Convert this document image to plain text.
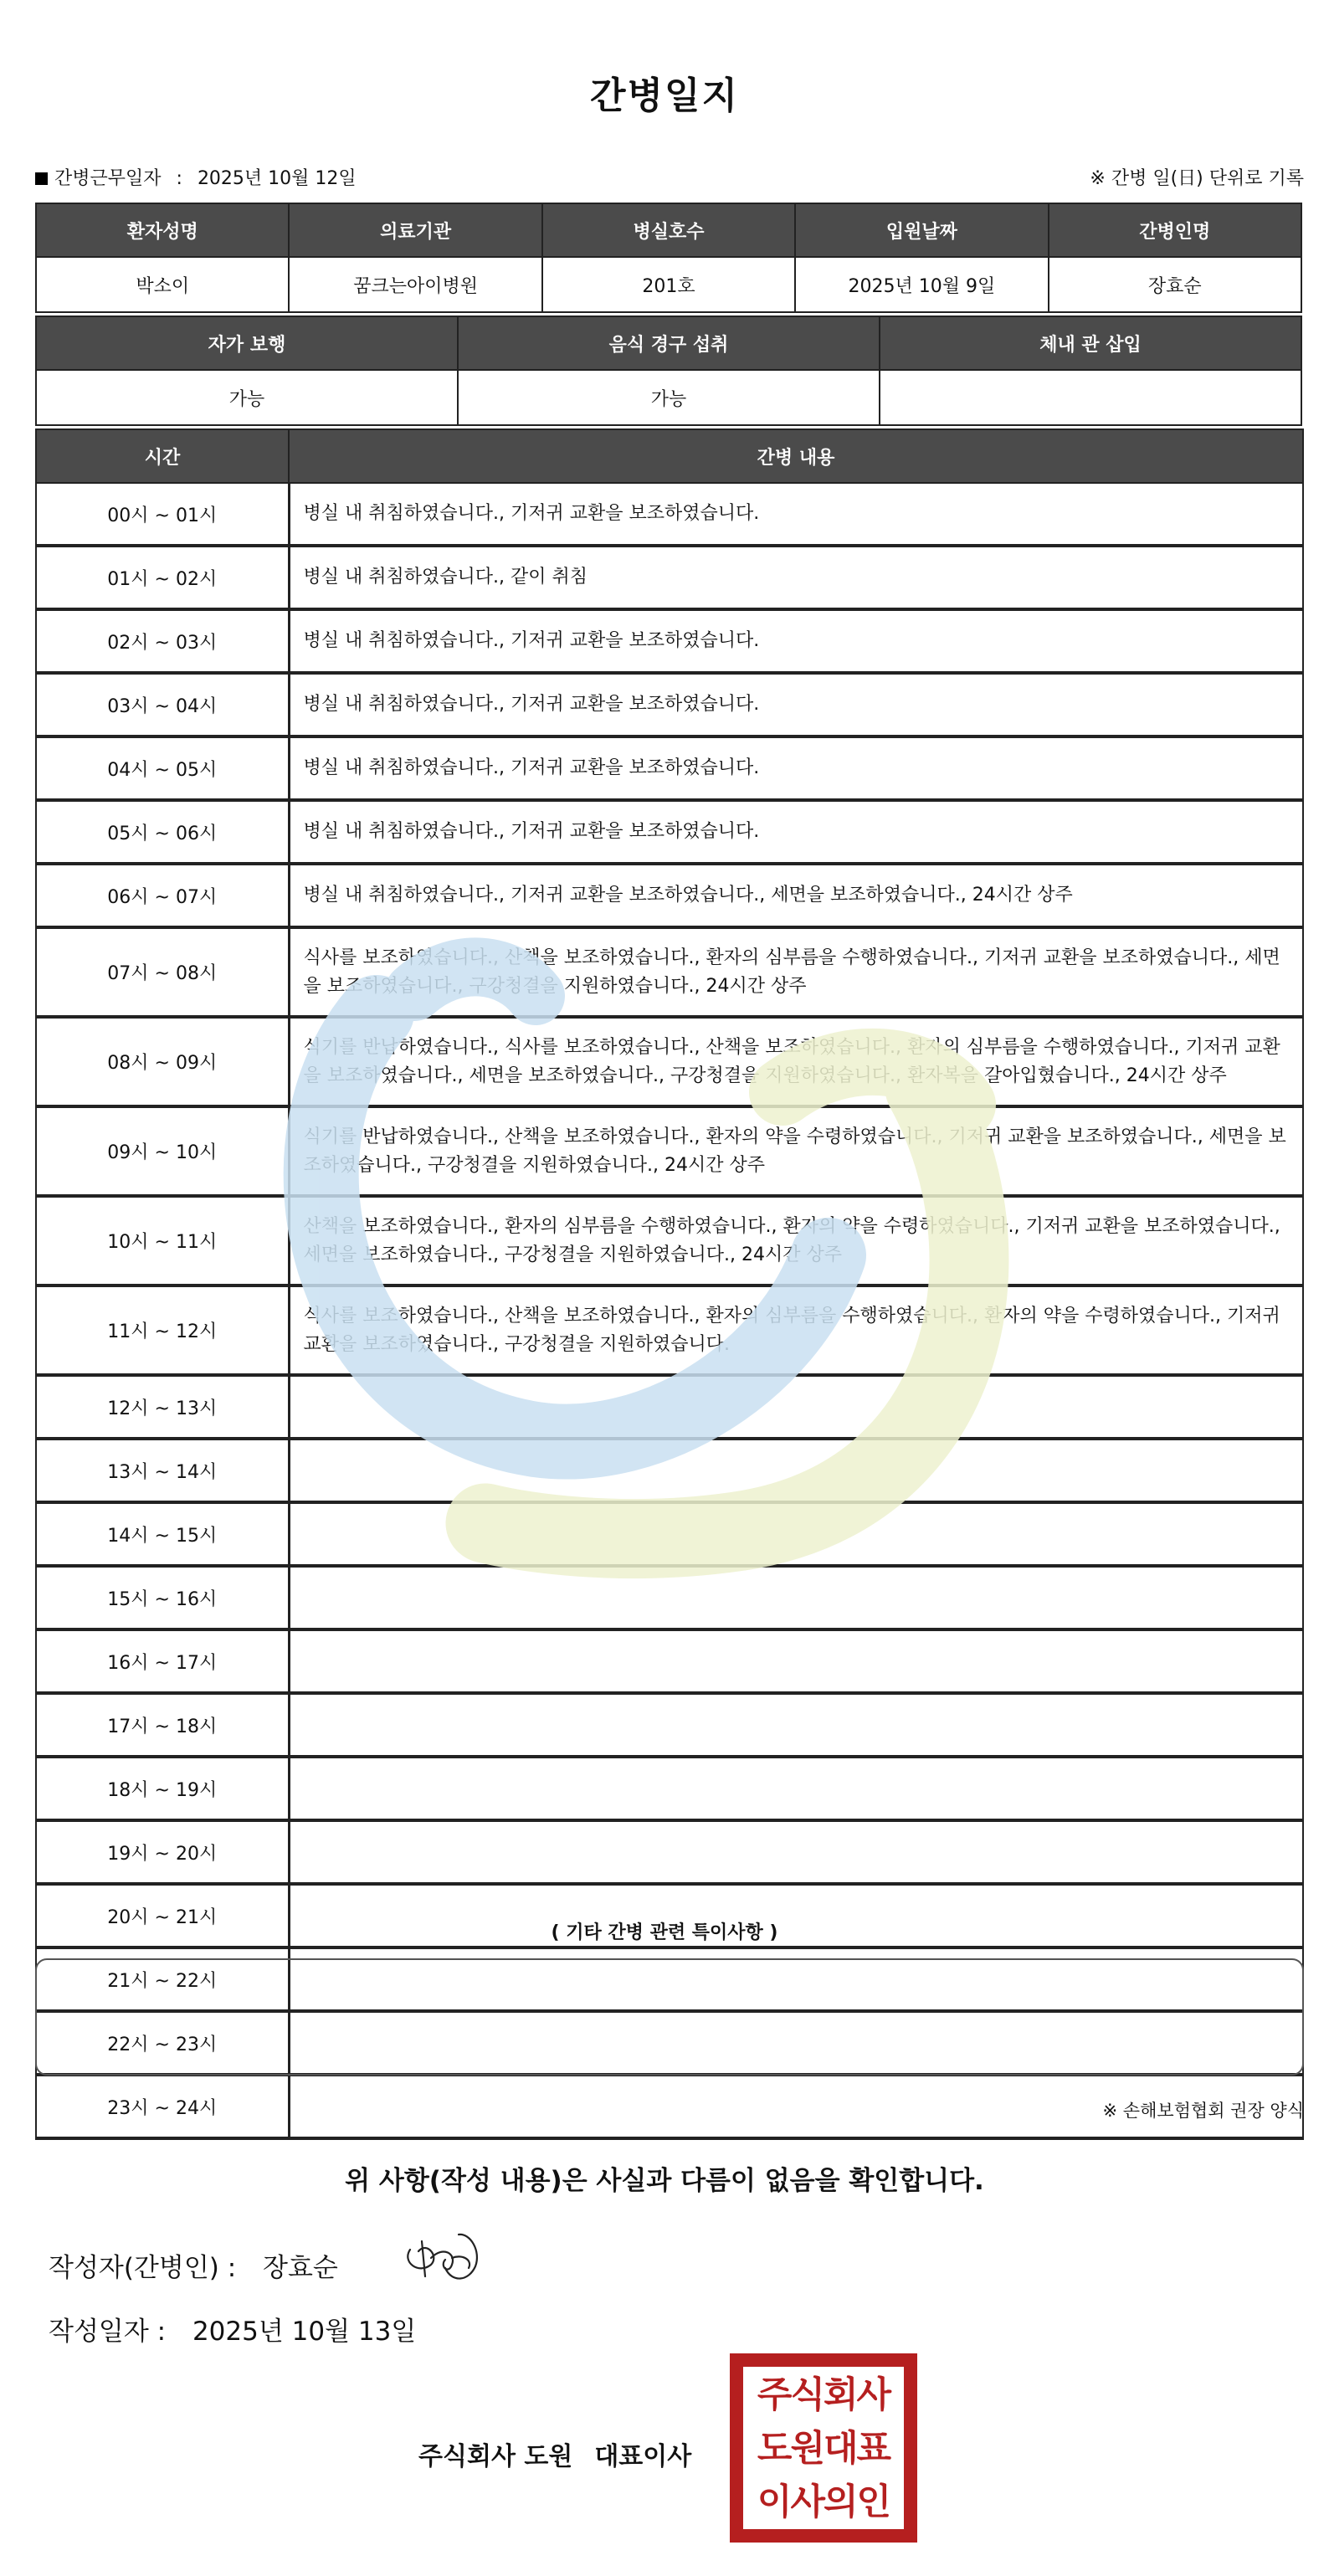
간병일지
간병근무일자 : 2025년 10월 12일	※ 간병 일(日) 단위로 기록
환자성명	의료기관	병실호수	입원날짜	간병인명
박소이	꿈크는아이병원	201호	2025년 10월 9일	장효순
자가 보행	음식 경구 섭취	체내 관 삽입
가능	가능	
시간	간병 내용
00시 ~ 01시	병실 내 취침하였습니다., 기저귀 교환을 보조하였습니다.
01시 ~ 02시	병실 내 취침하였습니다., 같이 취침
02시 ~ 03시	병실 내 취침하였습니다., 기저귀 교환을 보조하였습니다.
03시 ~ 04시	병실 내 취침하였습니다., 기저귀 교환을 보조하였습니다.
04시 ~ 05시	병실 내 취침하였습니다., 기저귀 교환을 보조하였습니다.
05시 ~ 06시	병실 내 취침하였습니다., 기저귀 교환을 보조하였습니다.
06시 ~ 07시	병실 내 취침하였습니다., 기저귀 교환을 보조하였습니다., 세면을 보조하였습니다., 24시간 상주
07시 ~ 08시	식사를 보조하였습니다., 산책을 보조하였습니다., 환자의 심부름을 수행하였습니다., 기저귀 교환을 보조하였습니다., 세면을 보조하였습니다., 구강청결을 지원하였습니다., 24시간 상주
08시 ~ 09시	식기를 반납하였습니다., 식사를 보조하였습니다., 산책을 보조하였습니다., 환자의 심부름을 수행하였습니다., 기저귀 교환을 보조하였습니다., 세면을 보조하였습니다., 구강청결을 지원하였습니다., 환자복을 갈아입혔습니다., 24시간 상주
09시 ~ 10시	식기를 반납하였습니다., 산책을 보조하였습니다., 환자의 약을 수령하였습니다., 기저귀 교환을 보조하였습니다., 세면을 보조하였습니다., 구강청결을 지원하였습니다., 24시간 상주
10시 ~ 11시	산책을 보조하였습니다., 환자의 심부름을 수행하였습니다., 환자의 약을 수령하였습니다., 기저귀 교환을 보조하였습니다., 세면을 보조하였습니다., 구강청결을 지원하였습니다., 24시간 상주
11시 ~ 12시	식사를 보조하였습니다., 산책을 보조하였습니다., 환자의 심부름을 수행하였습니다., 환자의 약을 수령하였습니다., 기저귀 교환을 보조하였습니다., 구강청결을 지원하였습니다.
12시 ~ 13시	
13시 ~ 14시	
14시 ~ 15시	
15시 ~ 16시	
16시 ~ 17시	
17시 ~ 18시	
18시 ~ 19시	
19시 ~ 20시	
20시 ~ 21시	
21시 ~ 22시	
22시 ~ 23시	
23시 ~ 24시	
( 기타 간병 관련 특이사항 )
※ 손해보험협회 권장 양식
위 사항(작성 내용)은 사실과 다름이 없음을 확인합니다.
작성자(간병인) : 장효순
작성일자 : 2025년 10월 13일
주식회사 도원 대표이사
주식회사
도원대표
이사의인
